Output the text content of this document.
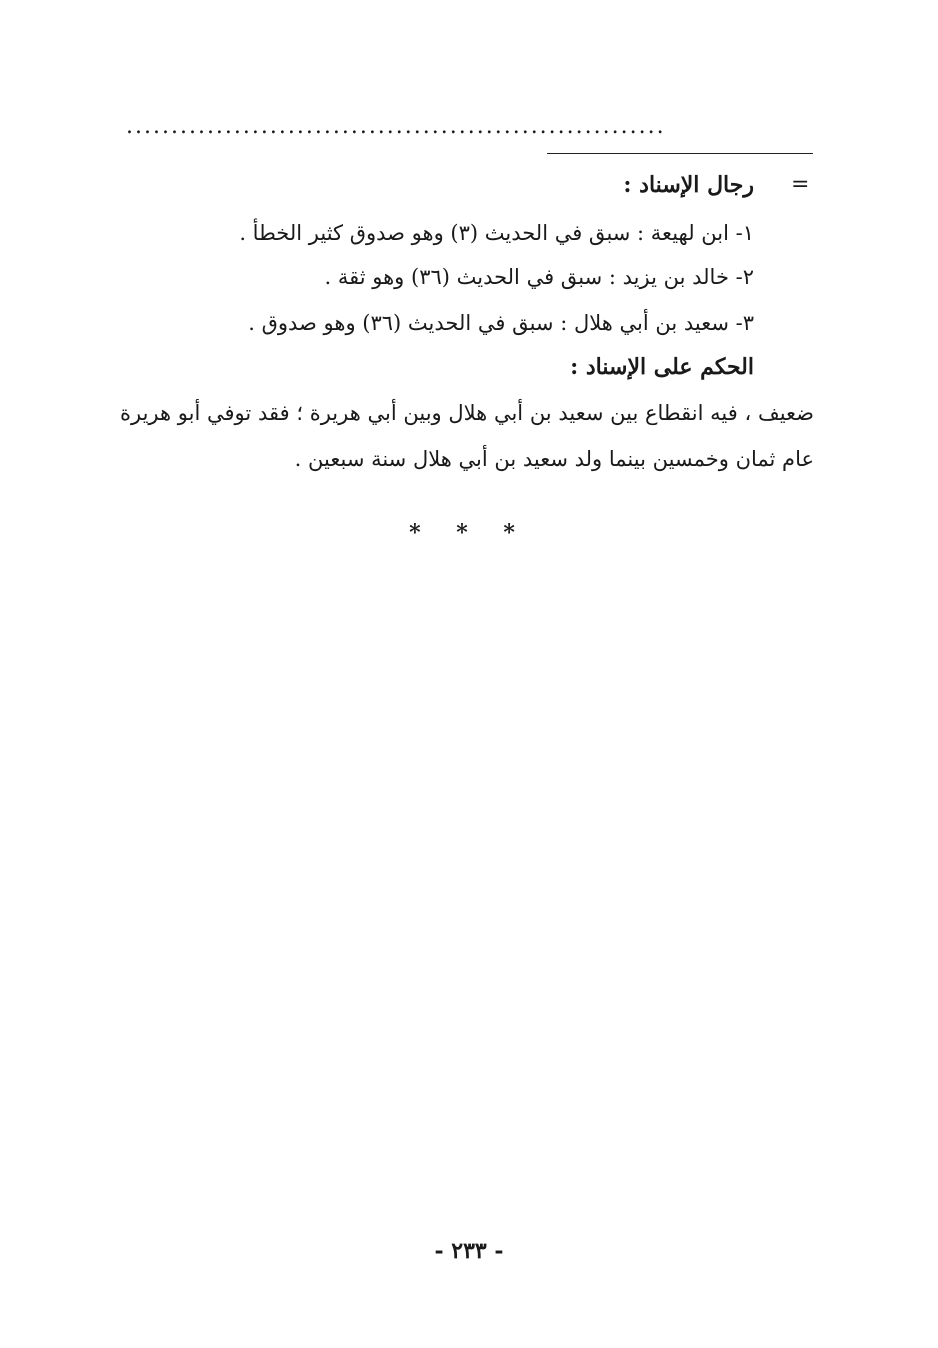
............................................................
=
رجال الإسناد :
١- ابن لهيعة : سبق في الحديث (٣) وهو صدوق كثير الخطأ .
٢- خالد بن يزيد : سبق في الحديث (٣٦) وهو ثقة .
٣- سعيد بن أبي هلال : سبق في الحديث (٣٦) وهو صدوق .
الحكم على الإسناد :
ضعيف ، فيه انقطاع بين سعيد بن أبي هلال وبين أبي هريرة ؛ فقد توفي أبو هريرة
عام ثمان وخمسين بينما ولد سعيد بن أبي هلال سنة سبعين .
* * *
- ٢٣٣ -
